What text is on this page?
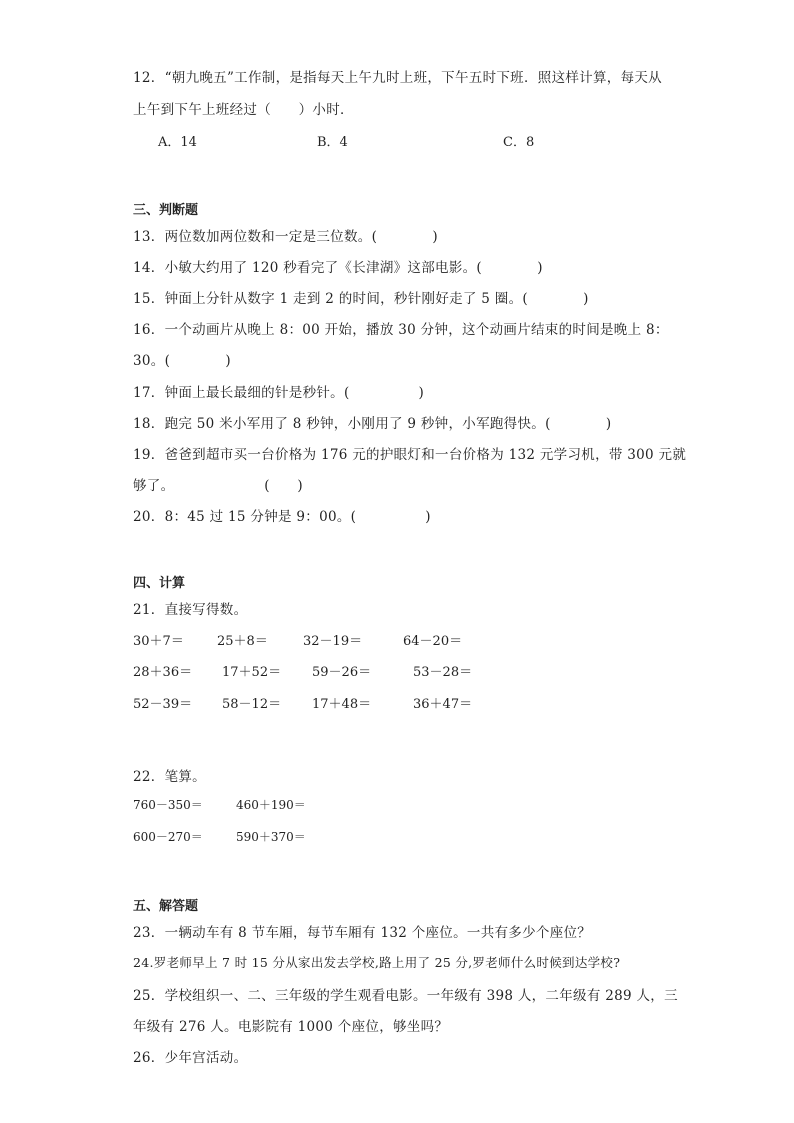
12．“朝九晚五”工作制，是指每天上午九时上班，下午五时下班．照这样计算，每天从
上午到下午上班经过（　　）小时．
A．14	B．4	C．8
三、判断题
13．两位数加两位数和一定是三位数。(　　　　)
14．小敏大约用了 120 秒看完了《长津湖》这部电影。(　　　　)
15．钟面上分针从数字 1 走到 2 的时间，秒针刚好走了 5 圈。(　　　　)
16．一个动画片从晚上 8：00 开始，播放 30 分钟，这个动画片结束的时间是晚上 8：
30。(　　　　)
17．钟面上最长最细的针是秒针。(　　　　　)
18．跑完 50 米小军用了 8 秒钟，小刚用了 9 秒钟，小军跑得快。(　　　　)
19．爸爸到超市买一台价格为 176 元的护眼灯和一台价格为 132 元学习机，带 300 元就
够了。　　　　　　　(　　)
20．8：45 过 15 分钟是 9：00。(　　　　　)
四、计算
21．直接写得数。
30＋7＝	25＋8＝	32－19＝	64－20＝
28＋36＝ 17＋52＝ 59－26＝	53－28＝
52－39＝ 58－12＝ 17＋48＝	36＋47＝
22．笔算。
760－350＝	460＋190＝
600－270＝	590＋370＝
五、解答题
23．一辆动车有 8 节车厢，每节车厢有 132 个座位。一共有多少个座位？
24.罗老师早上 7 时 15 分从家出发去学校,路上用了 25 分,罗老师什么时候到达学校?
25．学校组织一、二、三年级的学生观看电影。一年级有 398 人，二年级有 289 人，三
年级有 276 人。电影院有 1000 个座位，够坐吗？
26．少年宫活动。
